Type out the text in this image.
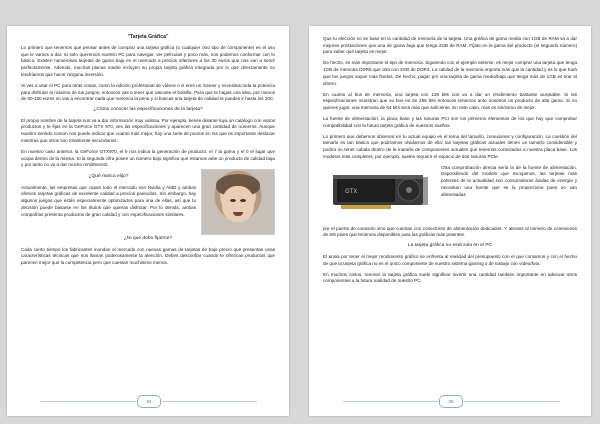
"Tarjeta Gráfica"

Lo primero que tenemos que pensar antes de comprar una tarjeta gráfica (o cualquier otro tipo de componente) es el uso que le vamos a dar. Si solo queremos nuestro PC para navegar, ver películas y poco más, nos podemos conformar con lo básico. Existen numerosas tarjetas de gama baja en el mercado a precios inferiores a los 30 euros que nos van a servir perfectamente. Además, muchas placas madre incluyen su propia tarjeta gráfica integrada por lo que directamente no tendríamos que hacer ninguna inversión.

Si ves a usar el PC para otras cosas, como la edición profesional de vídeos o si eres un Gamer y necesitas toda la potencia para disfrutar al máximo de tus juegos, entonces vas a tener que rascarte el bolsillo. Para que te hagas una idea, por menos de 80-100 euros no vas a encontrar nada que merezca la pena y si buscas una tarjeta de calidad te puedes ir hasta los 200.

¿Cómo conocer las especificaciones de la tarjeta?

El propio nombre de la tarjeta nos va a dar información muy valiosa. Por ejemplo, tienes delante tuya un catálogo con varios productos y te fijas en la GeForce GTX 970, ves las especificaciones y aparecen una gran cantidad de números. Aunque nuestro sentido común nos puede indicar que cuanto más mejor, hay una serie de puntos en los que es importante destacar mientras que otros son totalmente secundarios.

En nuestro caso anterior, la GeForce GTX970, el 9 nos indica la generación de producto, el 7 la gama y el 0 el lugar que ocupa dentro de la misma. Si la segunda cifra posee un número bajo significa que estamos ante un producto de calidad baja y por tanto no va a dar mucho rendimiento.

¿Qué marca elijo?

Actualmente, las empresas que copan todo el mercado son Nvidia y AMD y ambas ofrecen tarjetas gráficas de excelente calidad a precios parecidos. Sin embargo, hay algunos juegos que están especialmente optimizados para una de ellas, así que tu decisión puede basarse en los títulos que quieras disfrutar. Por lo demás, ambas compañías presenta productos de gran calidad y con especificaciones similares.

¿Ni qué debo fijarme?

Cada cierto tiempo los fabricantes inundan el mercado con nuevas gamas de tarjetas de bajo precio que presentan unas características técnicas que nos llaman poderosamente la atención. Debes desconfiar cuando te ofrezcan productos que parecen mejor que la competencia pero que cuestan muchísimo menos.

84

Que tu elección no se base en la cantidad de memoria de la tarjeta. Una gráfica de gama media con 1GB de RAM va a dar mejores prestaciones que una de gama baja que tenga 2GB de RAM. Fíjate en la gama del producto (el segundo número) para saber qué tarjeta es mejor.

De hecho, es más importante el tipo de memoria. Siguiendo con el ejemplo anterior, es mejor comprar una tarjeta que tenga 1GB de memoria DDR5 que otra con 2GB de DDR3. La calidad de la memoria importa más que la cantidad y es lo que hará que tus juegos vayan más fluidos. De hecho, pagar por una tarjeta de gama media/baja que tenga más de 1GB es tirar el dinero.

En cuanto al bus de memoria, una tarjeta con 128 bits nos va a dar un rendimiento bastante aceptable. Si las especificaciones muestran que su bus es de 256 bits entonces tenemos ante nosotros un producto de alta gama. Si no quieres jugar, una memoria de 64 bits será más que suficiente. En este caso, más es sinónimo de mejor.

La fuente de alimentación, la placa base y las ranuras PCI son los primeros elementos de los que hay que comprobar compatibilidad con la futura tarjeta gráfica de nuestros sueños.

Lo primero que debemos observar en tu actual equipo es el tema del tamaño, conexiones y configuración. La cuestión del tamaño es tan básica que podríamos olvidarnos de ella: las tarjetas gráficas actuales tienen un tamaño considerable y podría no tener cabida dentro de la maraña de componentes actuales que tenemos conectados a nuestra placa base. Los modelos más completos, por ejemplo, suelen requerir el espacio de dos ranuras PCIe.

GTX

Otra comprobación directa sería la de la fuente de alimentación. Dependiendo del modelo que escojamos, las tarjetas más potentes de la actualidad son consumidoras ávidas de energía y necesitan una fuente que se la proporcione pues no van alimentadas

por el puerto de conexión sino que cuentan con conectores de alimentación dedicados. Y atentos al número de conexiones de 6/8 pines que tenemos disponibles para las gráficas más potentes.

La tarjeta gráfica no está sola en el PC

El ansia por tener el mejor rendimiento gráfico se enfrenta al realidad del presupuesto con el que contamos y con el hecho de que la tarjeta gráfica no es el único componente de nuestro sistema gaming o de trabajo con vídeo/foto.

En muchos casos, renovar la tarjeta gráfica suele significar invertir una cantidad también importante en adecuar otros componentes a la futura realidad de nuestro PC.

85
